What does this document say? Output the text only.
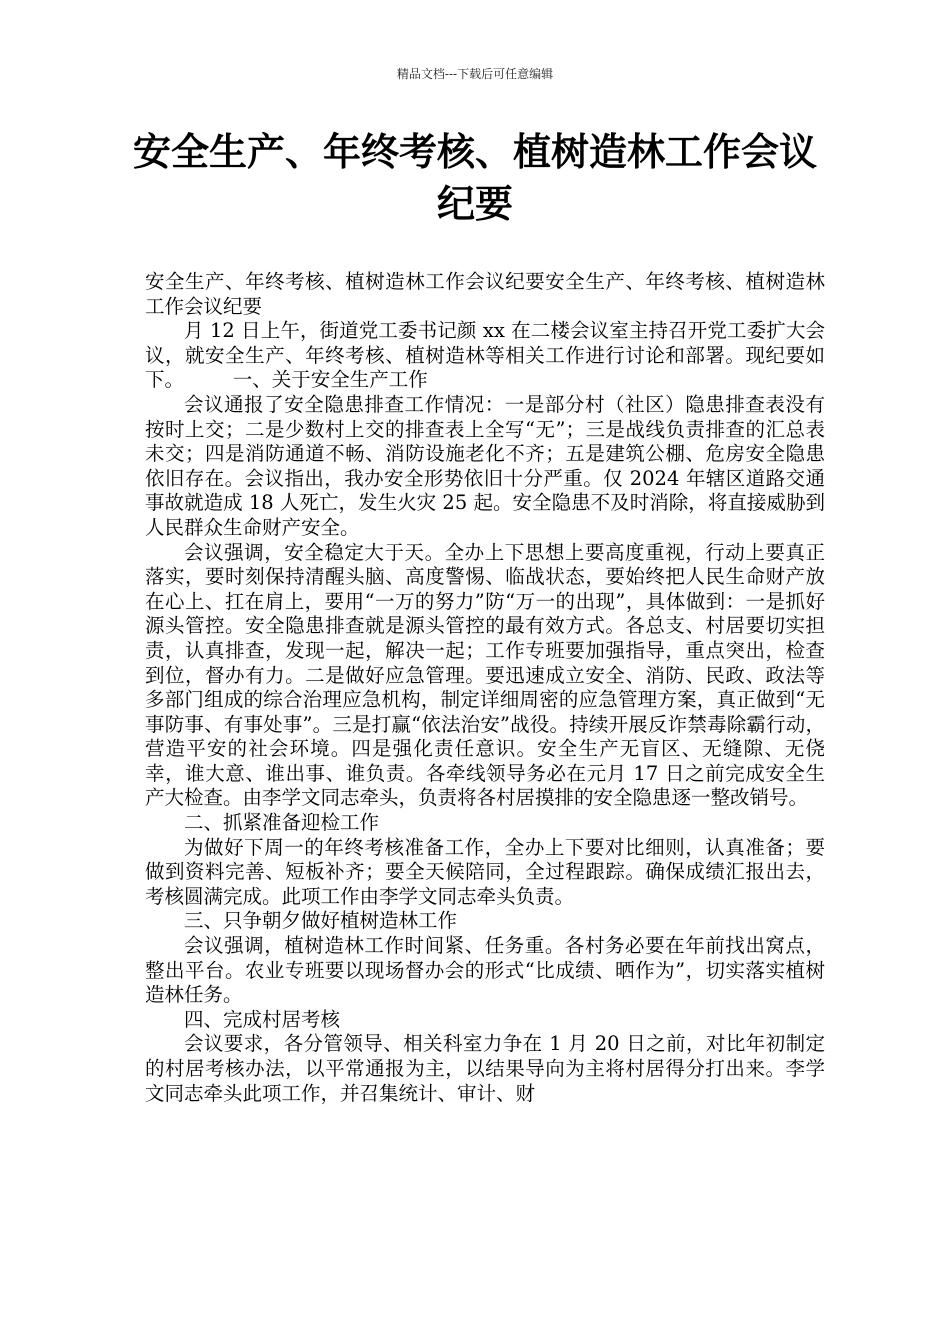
精品文档---下载后可任意编辑
安全生产、年终考核、植树造林工作会议纪要

安全生产、年终考核、植树造林工作会议纪要安全生产、年终考核、植树造林工作会议纪要

月 12 日上午，街道党工委书记颜 xx 在二楼会议室主持召开党工委扩大会议，就安全生产、年终考核、植树造林等相关工作进行讨论和部署。现纪要如下。　　　一、关于安全生产工作

会议通报了安全隐患排查工作情况：一是部分村（社区）隐患排查表没有按时上交；二是少数村上交的排查表上全写“无”；三是战线负责排查的汇总表未交；四是消防通道不畅、消防设施老化不齐；五是建筑公棚、危房安全隐患依旧存在。会议指出，我办安全形势依旧十分严重。仅 2024 年辖区道路交通事故就造成 18 人死亡，发生火灾 25 起。安全隐患不及时消除，将直接威胁到人民群众生命财产安全。

会议强调，安全稳定大于天。全办上下思想上要高度重视，行动上要真正落实，要时刻保持清醒头脑、高度警惕、临战状态，要始终把人民生命财产放在心上、扛在肩上，要用“一万的努力”防“万一的出现”，具体做到：一是抓好源头管控。安全隐患排查就是源头管控的最有效方式。各总支、村居要切实担责，认真排查，发现一起，解决一起；工作专班要加强指导，重点突出，检查到位，督办有力。二是做好应急管理。要迅速成立安全、消防、民政、政法等多部门组成的综合治理应急机构，制定详细周密的应急管理方案，真正做到“无事防事、有事处事”。三是打赢“依法治安”战役。持续开展反诈禁毒除霸行动，营造平安的社会环境。四是强化责任意识。安全生产无盲区、无缝隙、无侥幸，谁大意、谁出事、谁负责。各牵线领导务必在元月 17 日之前完成安全生产大检查。由李学文同志牵头，负责将各村居摸排的安全隐患逐一整改销号。

二、抓紧准备迎检工作

为做好下周一的年终考核准备工作，全办上下要对比细则，认真准备；要做到资料完善、短板补齐；要全天候陪同，全过程跟踪。确保成绩汇报出去，考核圆满完成。此项工作由李学文同志牵头负责。

三、只争朝夕做好植树造林工作

会议强调，植树造林工作时间紧、任务重。各村务必要在年前找出窝点，整出平台。农业专班要以现场督办会的形式“比成绩、晒作为”，切实落实植树造林任务。

四、完成村居考核

会议要求，各分管领导、相关科室力争在 1 月 20 日之前，对比年初制定的村居考核办法，以平常通报为主，以结果导向为主将村居得分打出来。李学文同志牵头此项工作，并召集统计、审计、财
